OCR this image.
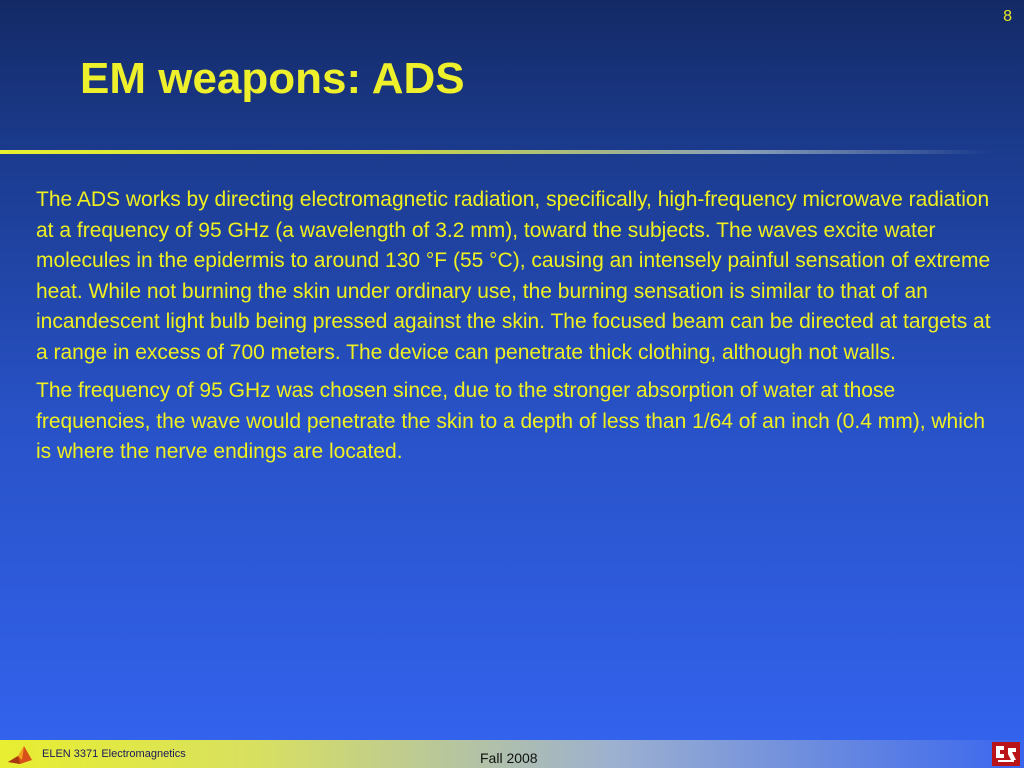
8
EM weapons: ADS

The ADS works by directing electromagnetic radiation, specifically, high-frequency microwave radiation at a frequency of 95 GHz (a wavelength of 3.2 mm), toward the subjects. The waves excite water molecules in the epidermis to around 130 °F (55 °C), causing an intensely painful sensation of extreme heat. While not burning the skin under ordinary use, the burning sensation is similar to that of an incandescent light bulb being pressed against the skin. The focused beam can be directed at targets at a range in excess of 700 meters. The device can penetrate thick clothing, although not walls.

The frequency of 95 GHz was chosen since, due to the stronger absorption of water at those frequencies, the wave would penetrate the skin to a depth of less than 1/64 of an inch (0.4 mm), which is where the nerve endings are located.

ELEN 3371 Electromagnetics	Fall 2008
